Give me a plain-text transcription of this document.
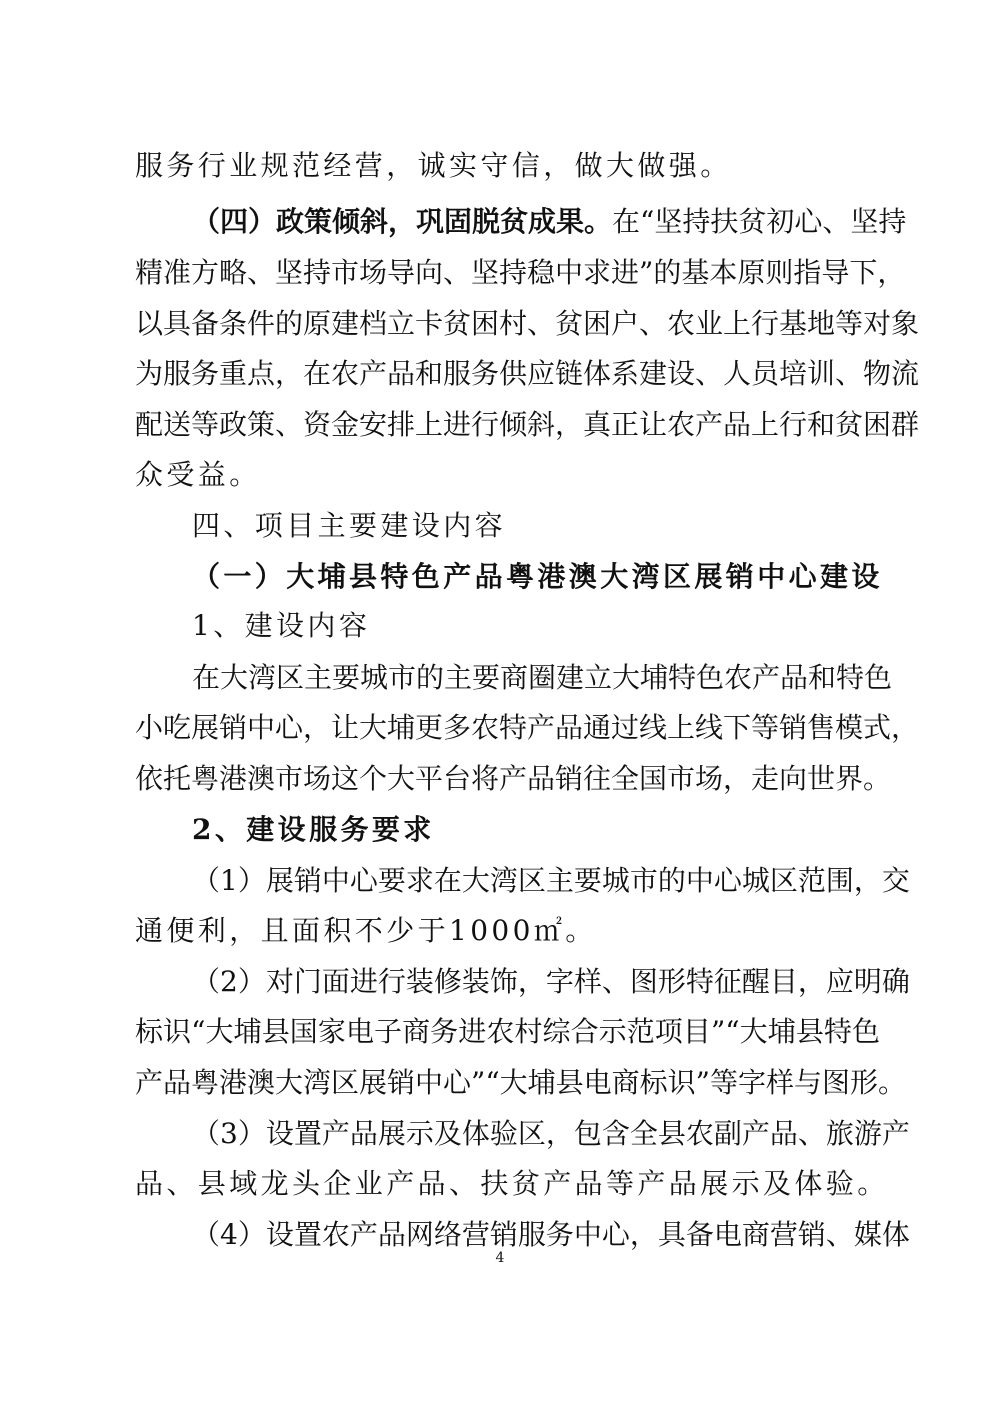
服务行业规范经营，诚实守信，做大做强。
（四）政策倾斜，巩固脱贫成果。在“坚持扶贫初心、坚持
精准方略、坚持市场导向、坚持稳中求进”的基本原则指导下，
以具备条件的原建档立卡贫困村、贫困户、农业上行基地等对象
为服务重点，在农产品和服务供应链体系建设、人员培训、物流
配送等政策、资金安排上进行倾斜，真正让农产品上行和贫困群
众受益。
四、项目主要建设内容
（一）大埔县特色产品粤港澳大湾区展销中心建设
1、建设内容
在大湾区主要城市的主要商圈建立大埔特色农产品和特色
小吃展销中心，让大埔更多农特产品通过线上线下等销售模式，
依托粤港澳市场这个大平台将产品销往全国市场，走向世界。
2、建设服务要求
（1）展销中心要求在大湾区主要城市的中心城区范围，交
通便利，且面积不少于1000㎡。
（2）对门面进行装修装饰，字样、图形特征醒目，应明确
标识“大埔县国家电子商务进农村综合示范项目”“大埔县特色
产品粤港澳大湾区展销中心”“大埔县电商标识”等字样与图形。
（3）设置产品展示及体验区，包含全县农副产品、旅游产
品、县域龙头企业产品、扶贫产品等产品展示及体验。
（4）设置农产品网络营销服务中心，具备电商营销、媒体
4
